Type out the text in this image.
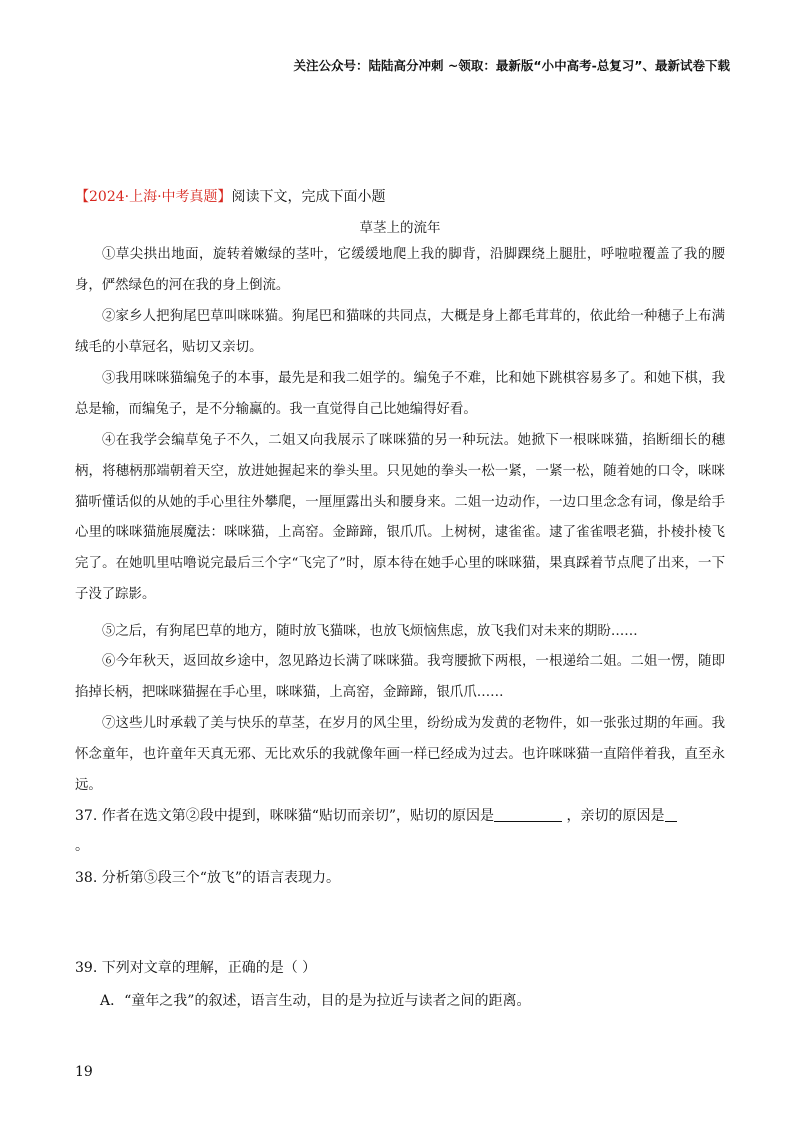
关注公众号：陆陆高分冲刺 ~领取：最新版“小中高考-总复习”、最新试卷下载
【2024·上海·中考真题】阅读下文，完成下面小题
草茎上的流年

①草尖拱出地面，旋转着嫩绿的茎叶，它缓缓地爬上我的脚背，沿脚踝绕上腿肚，呼啦啦覆盖了我的腰身，俨然绿色的河在我的身上倒流。

②家乡人把狗尾巴草叫咪咪猫。狗尾巴和猫咪的共同点，大概是身上都毛茸茸的，依此给一种穗子上布满绒毛的小草冠名，贴切又亲切。

③我用咪咪猫编兔子的本事，最先是和我二姐学的。编兔子不难，比和她下跳棋容易多了。和她下棋，我总是输，而编兔子，是不分输赢的。我一直觉得自己比她编得好看。

④在我学会编草兔子不久，二姐又向我展示了咪咪猫的另一种玩法。她掀下一根咪咪猫，掐断细长的穗柄，将穗柄那端朝着天空，放进她握起来的拳头里。只见她的拳头一松一紧，一紧一松，随着她的口令，咪咪猫听懂话似的从她的手心里往外攀爬，一厘厘露出头和腰身来。二姐一边动作，一边口里念念有词，像是给手心里的咪咪猫施展魔法：咪咪猫，上高窑。金蹄蹄，银爪爪。上树树，逮雀雀。逮了雀雀喂老猫，扑棱扑棱飞完了。在她叽里咕噜说完最后三个字“飞完了”时，原本待在她手心里的咪咪猫，果真踩着节点爬了出来，一下子没了踪影。

⑤之后，有狗尾巴草的地方，随时放飞猫咪，也放飞烦恼焦虑，放飞我们对未来的期盼……

⑥今年秋天，返回故乡途中，忽见路边长满了咪咪猫。我弯腰掀下两根，一根递给二姐。二姐一愣，随即掐掉长柄，把咪咪猫握在手心里，咪咪猫，上高窑，金蹄蹄，银爪爪……

⑦这些儿时承载了美与快乐的草茎，在岁月的风尘里，纷纷成为发黄的老物件，如一张张过期的年画。我怀念童年，也许童年天真无邪、无比欢乐的我就像年画一样已经成为过去。也许咪咪猫一直陪伴着我，直至永远。

37. 作者在选文第②段中提到，咪咪猫“贴切而亲切”，贴切的原因是	，亲切的原因是
。

38. 分析第⑤段三个“放飞”的语言表现力。

39. 下列对文章的理解，正确的是（ ）

A．“童年之我”的叙述，语言生动，目的是为拉近与读者之间的距离。
19
